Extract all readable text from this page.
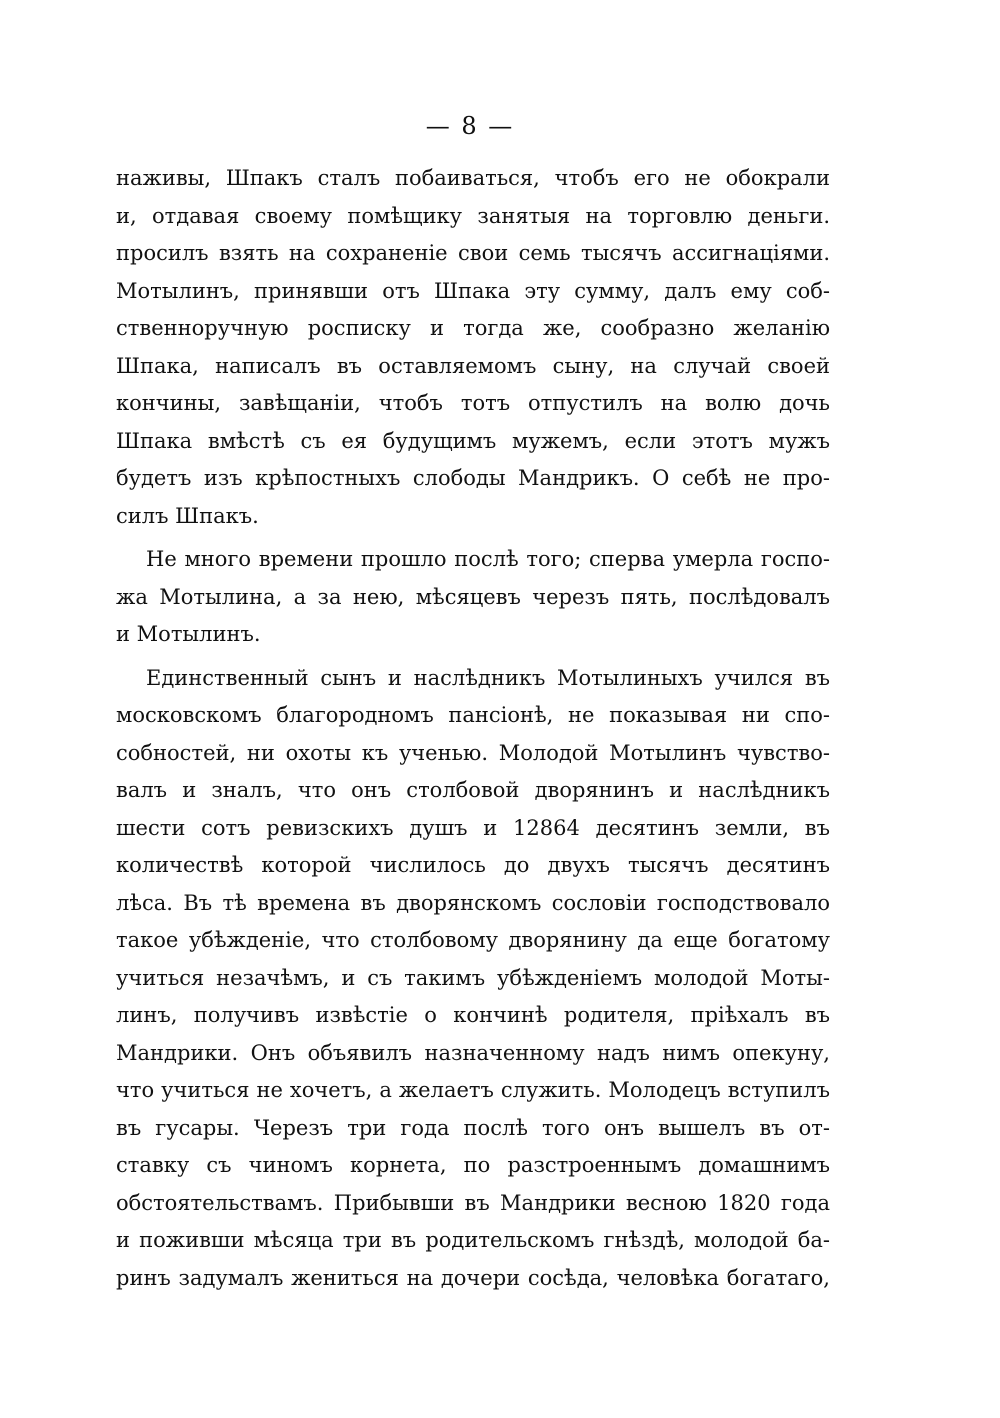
— 8 —
наживы, Шпакъ сталъ побаиваться, чтобъ его не обокрали
и, отдавая своему помѣщику занятыя на торговлю деньги.
просилъ взять на сохраненіе свои семь тысячъ ассигнаціями.
Мотылинъ, принявши отъ Шпака эту сумму, далъ ему соб-
ственноручную росписку и тогда же, сообразно желанію
Шпака, написалъ въ оставляемомъ сыну, на случай своей
кончины, завѣщаніи, чтобъ тотъ отпустилъ на волю дочь
Шпака вмѣстѣ съ ея будущимъ мужемъ, если этотъ мужъ
будетъ изъ крѣпостныхъ слободы Мандрикъ. О себѣ не про-
силъ Шпакъ.
Не много времени прошло послѣ того; сперва умерла госпо-
жа Мотылина, а за нею, мѣсяцевъ черезъ пять, послѣдовалъ
и Мотылинъ.
Единственный сынъ и наслѣдникъ Мотылиныхъ учился въ
московскомъ благородномъ пансіонѣ, не показывая ни спо-
собностей, ни охоты къ ученью. Молодой Мотылинъ чувство-
валъ и зналъ, что онъ столбовой дворянинъ и наслѣдникъ
шести сотъ ревизскихъ душъ и 12864 десятинъ земли, въ
количествѣ которой числилось до двухъ тысячъ десятинъ
лѣса. Въ тѣ времена въ дворянскомъ сословіи господствовало
такое убѣжденіе, что столбовому дворянину да еще богатому
учиться незачѣмъ, и съ такимъ убѣжденіемъ молодой Моты-
линъ, получивъ извѣстіе о кончинѣ родителя, пріѣхалъ въ
Мандрики. Онъ объявилъ назначенному надъ нимъ опекуну,
что учиться не хочетъ, а желаетъ служить. Молодецъ вступилъ
въ гусары. Черезъ три года послѣ того онъ вышелъ въ от-
ставку съ чиномъ корнета, по разстроеннымъ домашнимъ
обстоятельствамъ. Прибывши въ Мандрики весною 1820 года
и поживши мѣсяца три въ родительскомъ гнѣздѣ, молодой ба-
ринъ задумалъ жениться на дочери сосѣда, человѣка богатаго,
